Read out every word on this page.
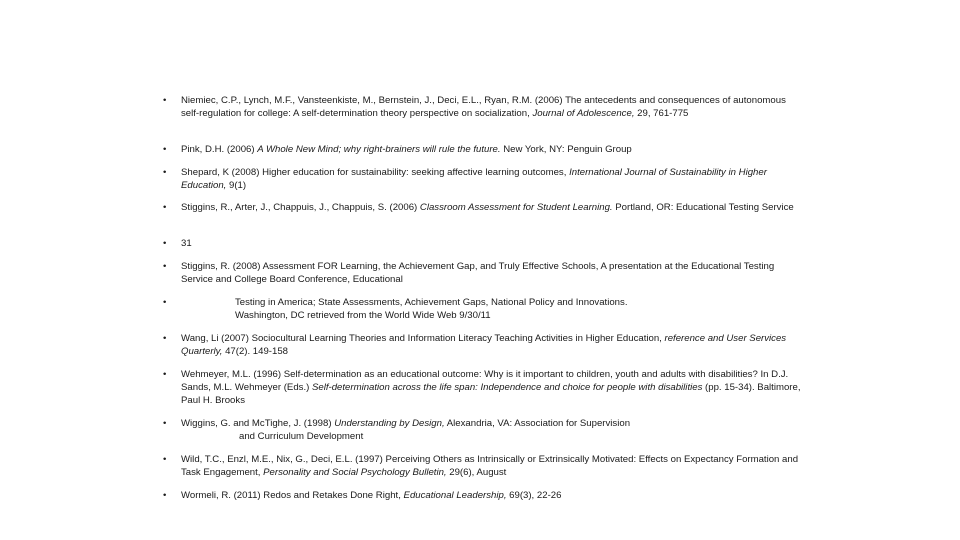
•	Niemiec, C.P., Lynch, M.F., Vansteenkiste, M., Bernstein, J., Deci, E.L., Ryan, R.M. (2006) The antecedents and consequences of autonomous self-regulation for college: A self-determination theory perspective on socialization, Journal of Adolescence, 29, 761-775
•	Pink, D.H. (2006) A Whole New Mind; why right-brainers will rule the future. New York, NY: Penguin Group
•	Shepard, K (2008) Higher education for sustainability: seeking affective learning outcomes, International Journal of Sustainability in Higher Education, 9(1)
•	Stiggins, R., Arter, J., Chappuis, J., Chappuis, S. (2006) Classroom Assessment for Student Learning. Portland, OR: Educational Testing Service
•	31
•	Stiggins, R. (2008) Assessment FOR Learning, the Achievement Gap, and Truly Effective Schools, A presentation at the Educational Testing Service and College Board Conference, Educational
•	Testing in America; State Assessments, Achievement Gaps, National Policy and Innovations.
Washington, DC retrieved from the World Wide Web 9/30/11
•	Wang, Li (2007) Sociocultural Learning Theories and Information Literacy Teaching Activities in Higher Education, reference and User Services Quarterly, 47(2). 149-158
•	Wehmeyer, M.L. (1996) Self-determination as an educational outcome: Why is it important to children, youth and adults with disabilities? In D.J. Sands, M.L. Wehmeyer (Eds.) Self-determination across the life span: Independence and choice for people with disabilities (pp. 15-34). Baltimore, Paul H. Brooks
•	Wiggins, G. and McTighe, J. (1998) Understanding by Design, Alexandria, VA: Association for Supervision
and Curriculum Development
•	Wild, T.C., Enzl, M.E., Nix, G., Deci, E.L. (1997) Perceiving Others as Intrinsically or Extrinsically Motivated: Effects on Expectancy Formation and Task Engagement, Personality and Social Psychology Bulletin, 29(6), August
•	Wormeli, R. (2011) Redos and Retakes Done Right, Educational Leadership, 69(3), 22-26
